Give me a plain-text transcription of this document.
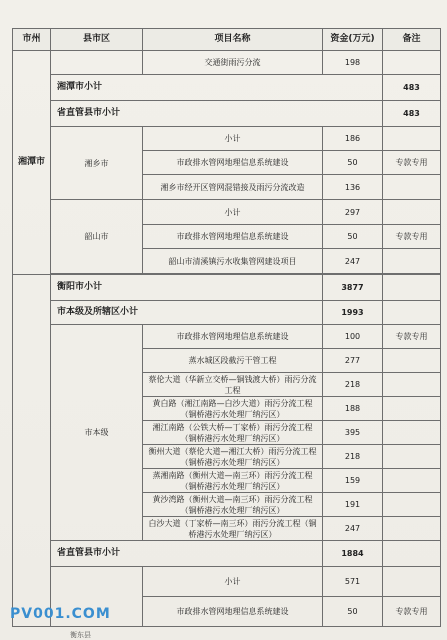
市州	县市区	项目名称	资金(万元)	备注	
湘潭市		交通街雨污分流	198		
	湘潭市小计			483	
	省直管县市小计			483	
	湘乡市	小计	186		
		市政排水管网地理信息系统建设	50	专款专用	
		湘乡市经开区管网混错接及雨污分流改造	136		
	韶山市	小计	297		
		市政排水管网地理信息系统建设	50	专款专用	
		韶山市清溪镇污水收集管网建设项目	247		

	衡阳市小计		3877		
	市本级及所辖区小计		1993		
	市本级	市政排水管网地理信息系统建设	100	专款专用	
		蒸水城区段截污干管工程	277		
		蔡伦大道（华新立交桥—铜钱渡大桥）雨污分流工程	218		
		黄白路（湘江南路—白沙大道）雨污分流工程（铜桥港污水处理厂纳污区）	188		
		湘江南路（公铁大桥—丁家桥）雨污分流工程（铜桥港污水处理厂纳污区）	395		
		衡州大道（蔡伦大道—湘江大桥）雨污分流工程（铜桥港污水处理厂纳污区）	218		
		蒸湘南路（衡州大道—南三环）雨污分流工程（铜桥港污水处理厂纳污区）	159		
		黄沙湾路（衡州大道—南三环）雨污分流工程（铜桥港污水处理厂纳污区）	191		
		白沙大道（丁家桥—南三环）雨污分流工程（铜桥港污水处理厂纳污区）	247		
	省直管县市小计		1884		
		小计	571		
		市政排水管网地理信息系统建设	50	专款专用	
PV001.COM
衡东县
